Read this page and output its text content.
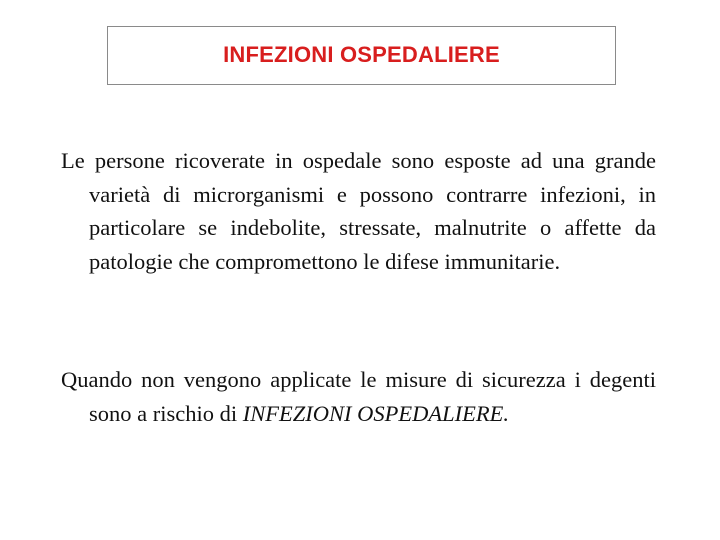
INFEZIONI OSPEDALIERE

Le persone ricoverate in ospedale sono esposte ad una grande varietà di microrganismi e possono contrarre infezioni, in particolare se indebolite, stressate, malnutrite o affette da patologie che compromettono le difese immunitarie.

Quando non vengono applicate le misure di sicurezza i degenti sono a rischio di INFEZIONI OSPEDALIERE.
